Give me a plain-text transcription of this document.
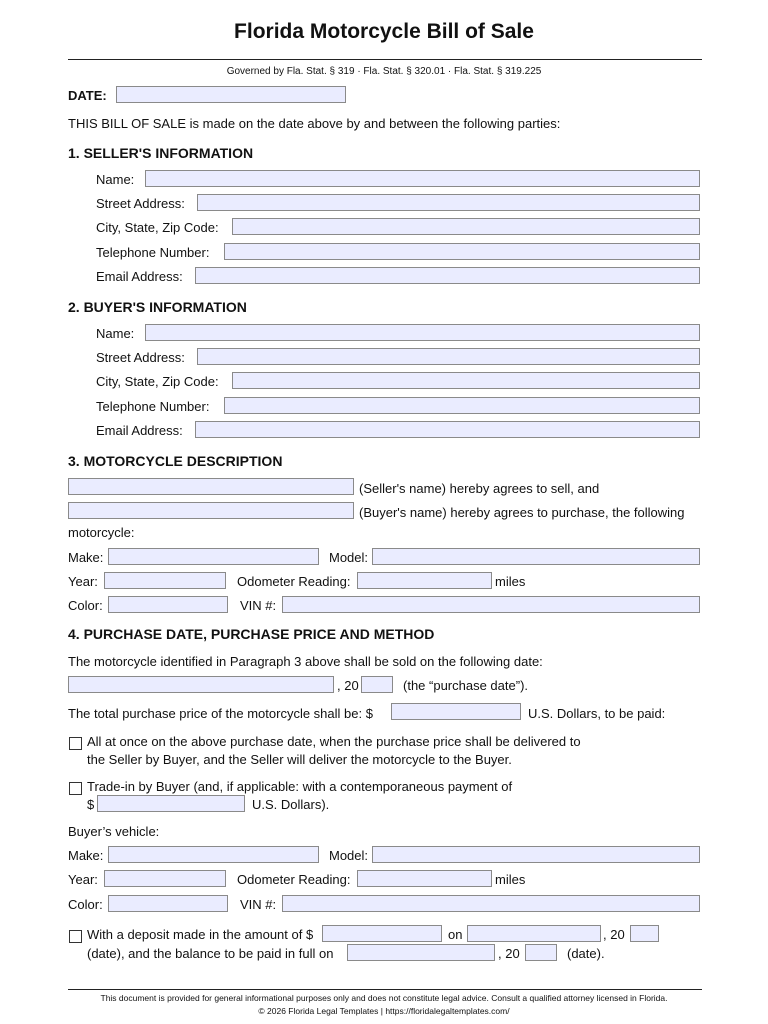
Florida Motorcycle Bill of Sale
Governed by Fla. Stat. § 319 · Fla. Stat. § 320.01 · Fla. Stat. § 319.225
DATE:
THIS BILL OF SALE is made on the date above by and between the following parties:
1. SELLER'S INFORMATION
Name:
Street Address:
City, State, Zip Code:
Telephone Number:
Email Address:
2. BUYER'S INFORMATION
Name:
Street Address:
City, State, Zip Code:
Telephone Number:
Email Address:
3. MOTORCYCLE DESCRIPTION
(Seller's name) hereby agrees to sell, and
(Buyer's name) hereby agrees to purchase, the following
motorcycle:
Make:	Model:
Year:	Odometer Reading:	miles
Color:	VIN #:
4. PURCHASE DATE, PURCHASE PRICE AND METHOD
The motorcycle identified in Paragraph 3 above shall be sold on the following date:
, 20	(the “purchase date”).
The total purchase price of the motorcycle shall be: $	U.S. Dollars, to be paid:
All at once on the above purchase date, when the purchase price shall be delivered to
the Seller by Buyer, and the Seller will deliver the motorcycle to the Buyer.
Trade-in by Buyer (and, if applicable: with a contemporaneous payment of
$	U.S. Dollars).
Buyer’s vehicle:
Make:	Model:
Year:	Odometer Reading:	miles
Color:	VIN #:
With a deposit made in the amount of $	on	, 20
(date), and the balance to be paid in full on	, 20	(date).
This document is provided for general informational purposes only and does not constitute legal advice. Consult a qualified attorney licensed in Florida.
© 2026 Florida Legal Templates | https://floridalegaltemplates.com/
